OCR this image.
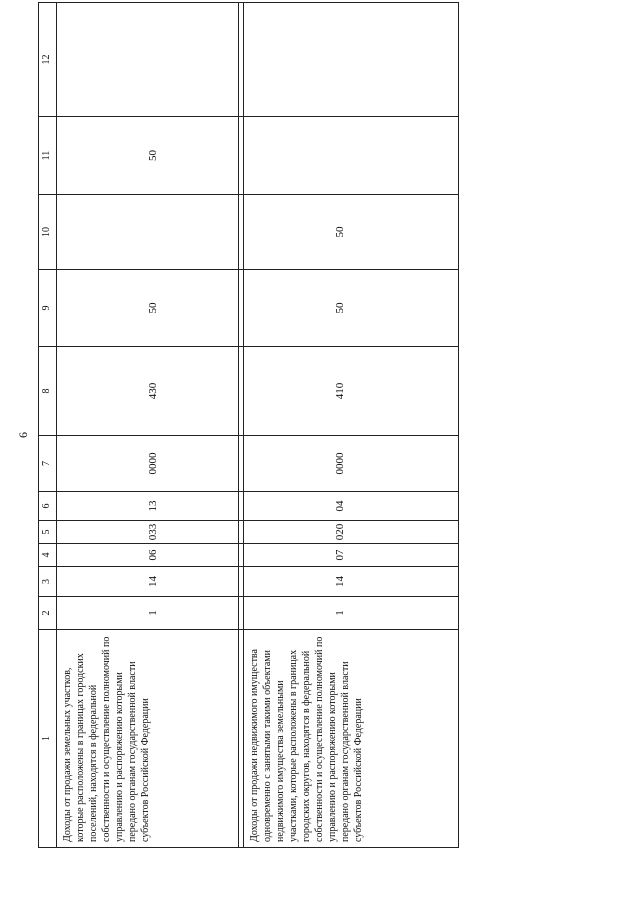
6
1	2	3	4	5	6	7	8	9	10	11	12
Доходы от продажи земельных участков, которые расположены в границах городских поселений, находятся в федеральной собственности и осуществление полномочий по управлению и распоряжению которыми передано органам государственной власти субъектов Российской Федерации	1	14	06	033	13	0000	430	50		50	

Доходы от продажи недвижимого имущества одновременно с занятыми такими объектами недвижимого имущества земельными участками, которые расположены в границах городских округов, находятся в федеральной собственности и осуществление полномочий по управлению и распоряжению которыми передано органам государственной власти субъектов Российской Федерации	1	14	07	020	04	0000	410	50	50		
